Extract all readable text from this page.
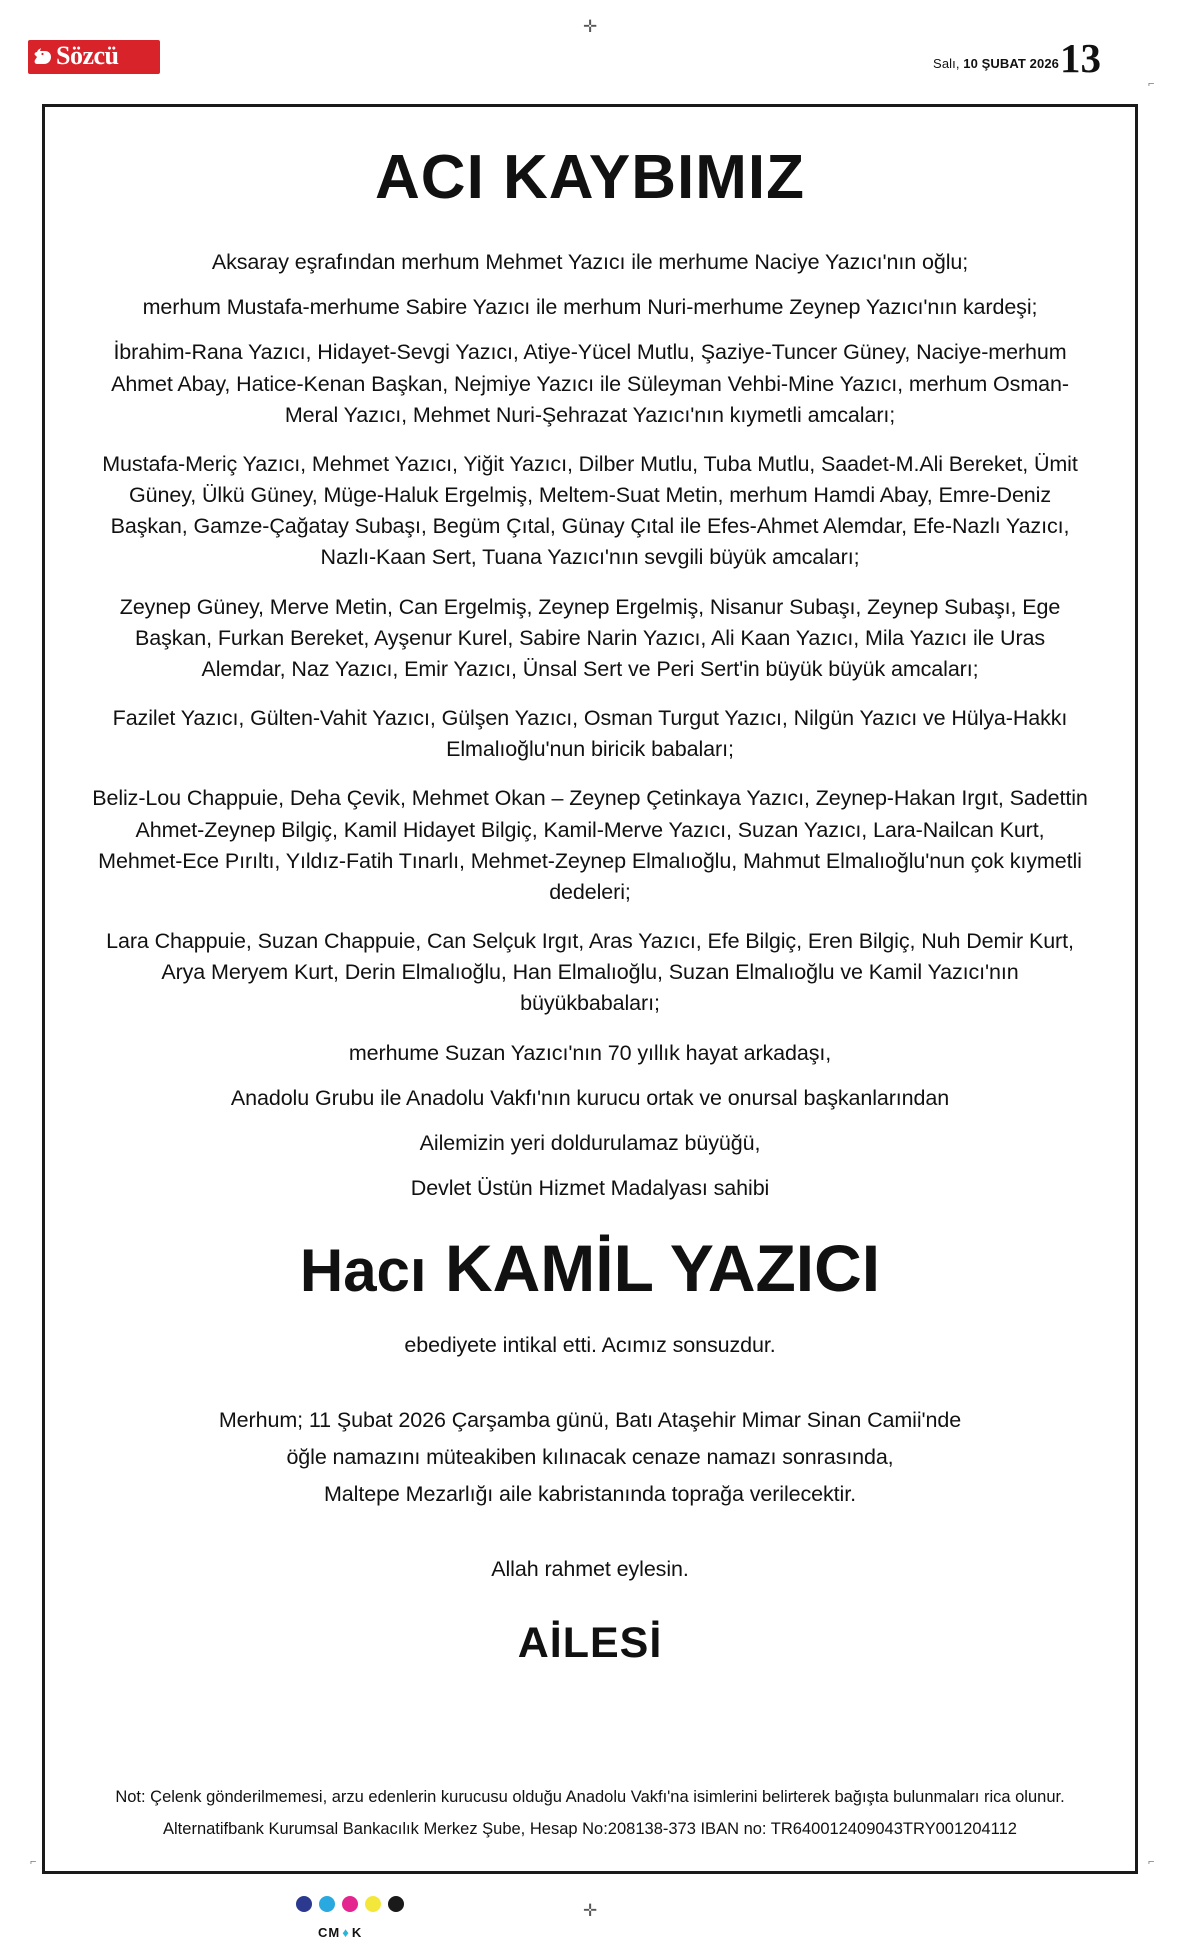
✛
✛
⌐
⌐	⌐
Sözcü	Salı, 10 ŞUBAT 2026 13
ACI KAYBIMIZ

Aksaray eşrafından merhum Mehmet Yazıcı ile merhume Naciye Yazıcı'nın oğlu;

merhum Mustafa-merhume Sabire Yazıcı ile merhum Nuri-merhume Zeynep Yazıcı'nın kardeşi;

İbrahim-Rana Yazıcı, Hidayet-Sevgi Yazıcı, Atiye-Yücel Mutlu, Şaziye-Tuncer Güney, Naciye-merhum Ahmet Abay, Hatice-Kenan Başkan, Nejmiye Yazıcı ile Süleyman Vehbi-Mine Yazıcı, merhum Osman-Meral Yazıcı, Mehmet Nuri-Şehrazat Yazıcı'nın kıymetli amcaları;

Mustafa-Meriç Yazıcı, Mehmet Yazıcı, Yiğit Yazıcı, Dilber Mutlu, Tuba Mutlu, Saadet-M.Ali Bereket, Ümit Güney, Ülkü Güney, Müge-Haluk Ergelmiş, Meltem-Suat Metin, merhum Hamdi Abay, Emre-Deniz Başkan, Gamze-Çağatay Subaşı, Begüm Çıtal, Günay Çıtal ile Efes-Ahmet Alemdar, Efe-Nazlı Yazıcı, Nazlı-Kaan Sert, Tuana Yazıcı'nın sevgili büyük amcaları;

Zeynep Güney, Merve Metin, Can Ergelmiş, Zeynep Ergelmiş, Nisanur Subaşı, Zeynep Subaşı, Ege Başkan, Furkan Bereket, Ayşenur Kurel, Sabire Narin Yazıcı, Ali Kaan Yazıcı, Mila Yazıcı ile Uras Alemdar, Naz Yazıcı, Emir Yazıcı, Ünsal Sert ve Peri Sert'in büyük büyük amcaları;

Fazilet Yazıcı, Gülten-Vahit Yazıcı, Gülşen Yazıcı, Osman Turgut Yazıcı, Nilgün Yazıcı ve Hülya-Hakkı Elmalıoğlu'nun biricik babaları;

Beliz-Lou Chappuie, Deha Çevik, Mehmet Okan – Zeynep Çetinkaya Yazıcı, Zeynep-Hakan Irgıt, Sadettin Ahmet-Zeynep Bilgiç, Kamil Hidayet Bilgiç, Kamil-Merve Yazıcı, Suzan Yazıcı, Lara-Nailcan Kurt, Mehmet-Ece Pırıltı, Yıldız-Fatih Tınarlı, Mehmet-Zeynep Elmalıoğlu, Mahmut Elmalıoğlu'nun çok kıymetli dedeleri;

Lara Chappuie, Suzan Chappuie, Can Selçuk Irgıt, Aras Yazıcı, Efe Bilgiç, Eren Bilgiç, Nuh Demir Kurt, Arya Meryem Kurt, Derin Elmalıoğlu, Han Elmalıoğlu, Suzan Elmalıoğlu ve Kamil Yazıcı'nın büyükbabaları;

merhume Suzan Yazıcı'nın 70 yıllık hayat arkadaşı,

Anadolu Grubu ile Anadolu Vakfı'nın kurucu ortak ve onursal başkanlarından

Ailemizin yeri doldurulamaz büyüğü,

Devlet Üstün Hizmet Madalyası sahibi

Hacı KAMİL YAZICI

ebediyete intikal etti. Acımız sonsuzdur.

Merhum; 11 Şubat 2026 Çarşamba günü, Batı Ataşehir Mimar Sinan Camii'nde

öğle namazını müteakiben kılınacak cenaze namazı sonrasında,

Maltepe Mezarlığı aile kabristanında toprağa verilecektir.

Allah rahmet eylesin.

AİLESİ

Not: Çelenk gönderilmemesi, arzu edenlerin kurucusu olduğu Anadolu Vakfı'na isimlerini belirterek bağışta bulunmaları rica olunur.

Alternatifbank Kurumsal Bankacılık Merkez Şube, Hesap No:208138-373 IBAN no: TR640012409043TRY001204112

CM ♦ K
